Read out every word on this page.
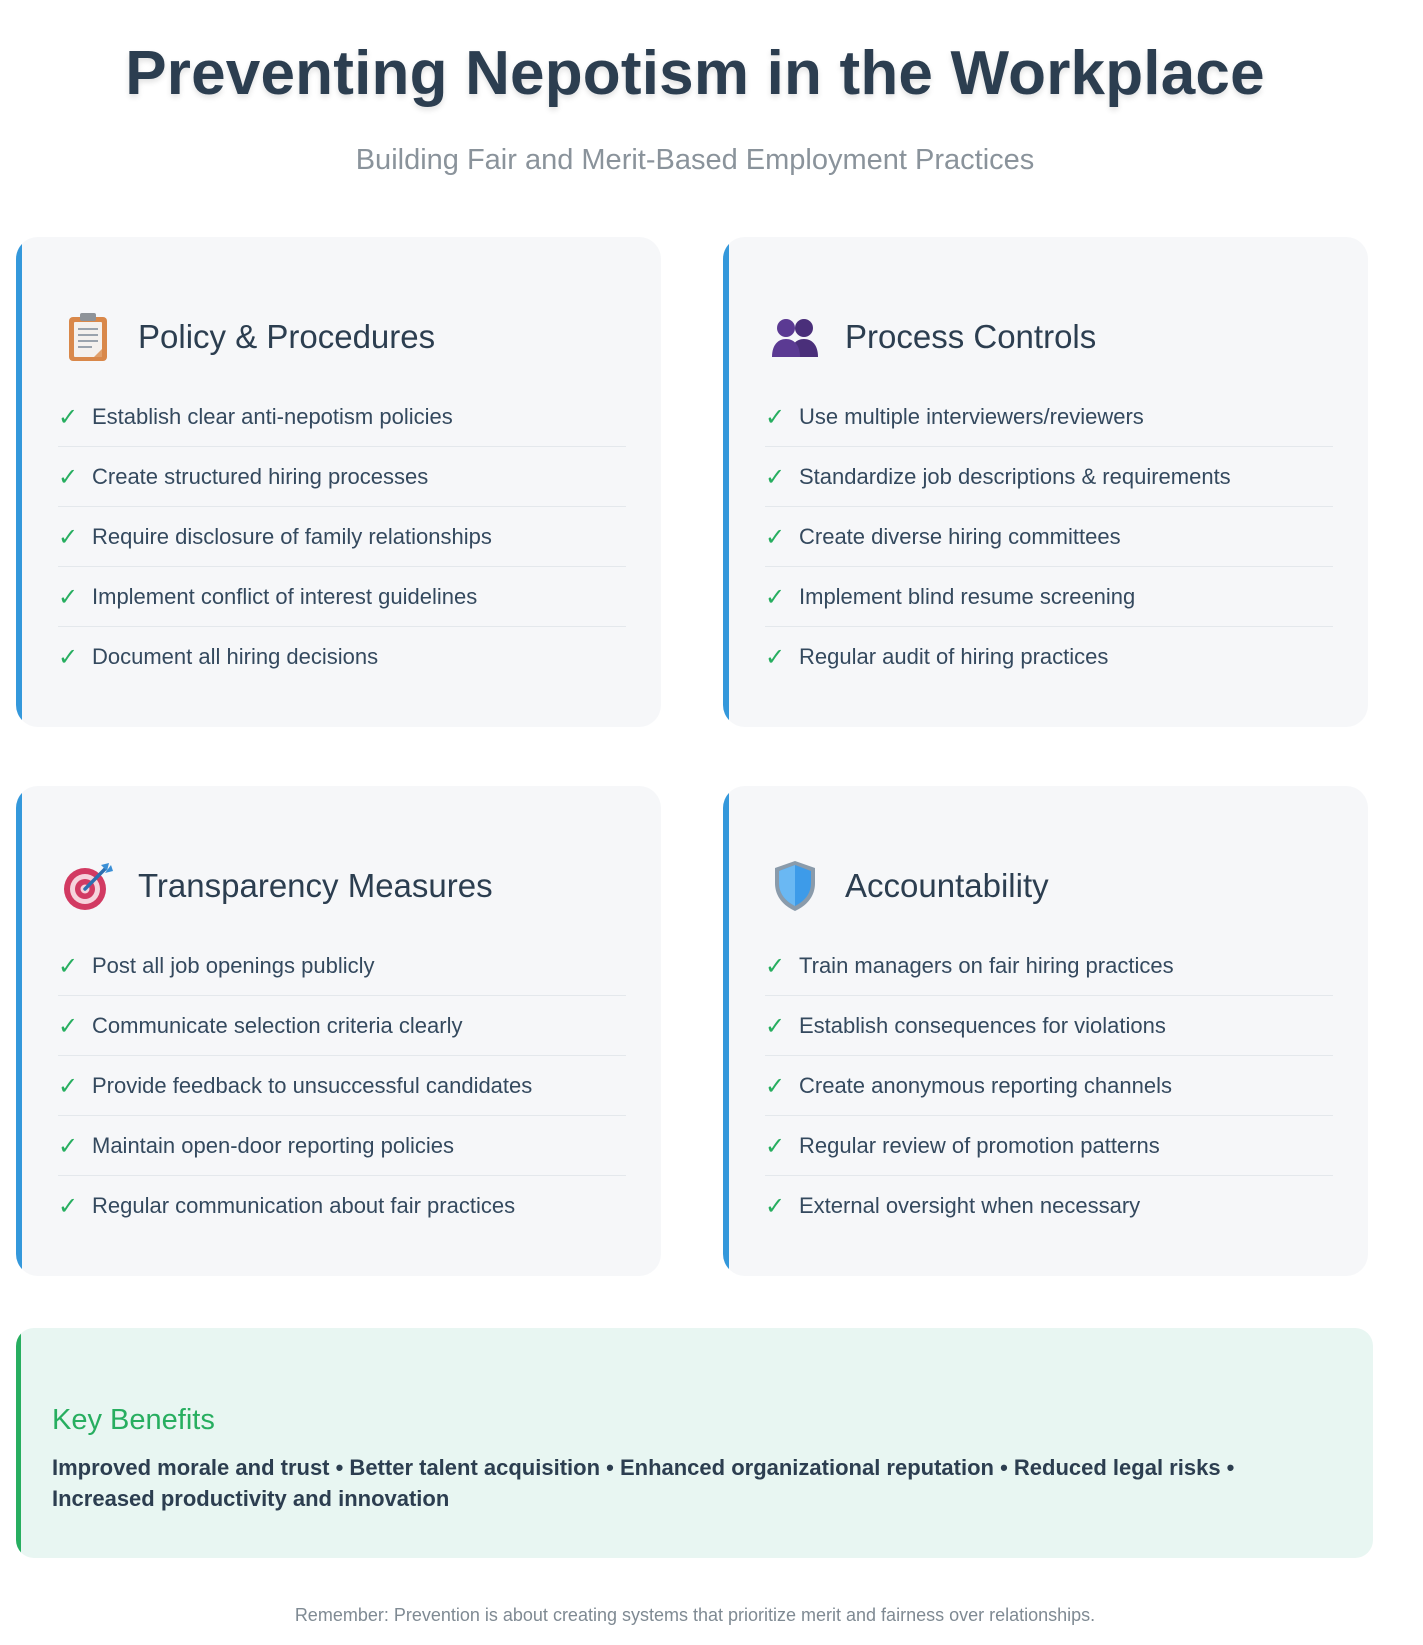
Preventing Nepotism in the Workplace
Building Fair and Merit-Based Employment Practices
Policy & Procedures
✓ Establish clear anti-nepotism policies
✓ Create structured hiring processes
✓ Require disclosure of family relationships
✓ Implement conflict of interest guidelines
✓ Document all hiring decisions
Process Controls
✓ Use multiple interviewers/reviewers
✓ Standardize job descriptions & requirements
✓ Create diverse hiring committees
✓ Implement blind resume screening
✓ Regular audit of hiring practices
Transparency Measures
✓ Post all job openings publicly
✓ Communicate selection criteria clearly
✓ Provide feedback to unsuccessful candidates
✓ Maintain open-door reporting policies
✓ Regular communication about fair practices
Accountability
✓ Train managers on fair hiring practices
✓ Establish consequences for violations
✓ Create anonymous reporting channels
✓ Regular review of promotion patterns
✓ External oversight when necessary
Key Benefits
Improved morale and trust • Better talent acquisition • Enhanced organizational reputation • Reduced legal risks • Increased productivity and innovation
Remember: Prevention is about creating systems that prioritize merit and fairness over relationships.
